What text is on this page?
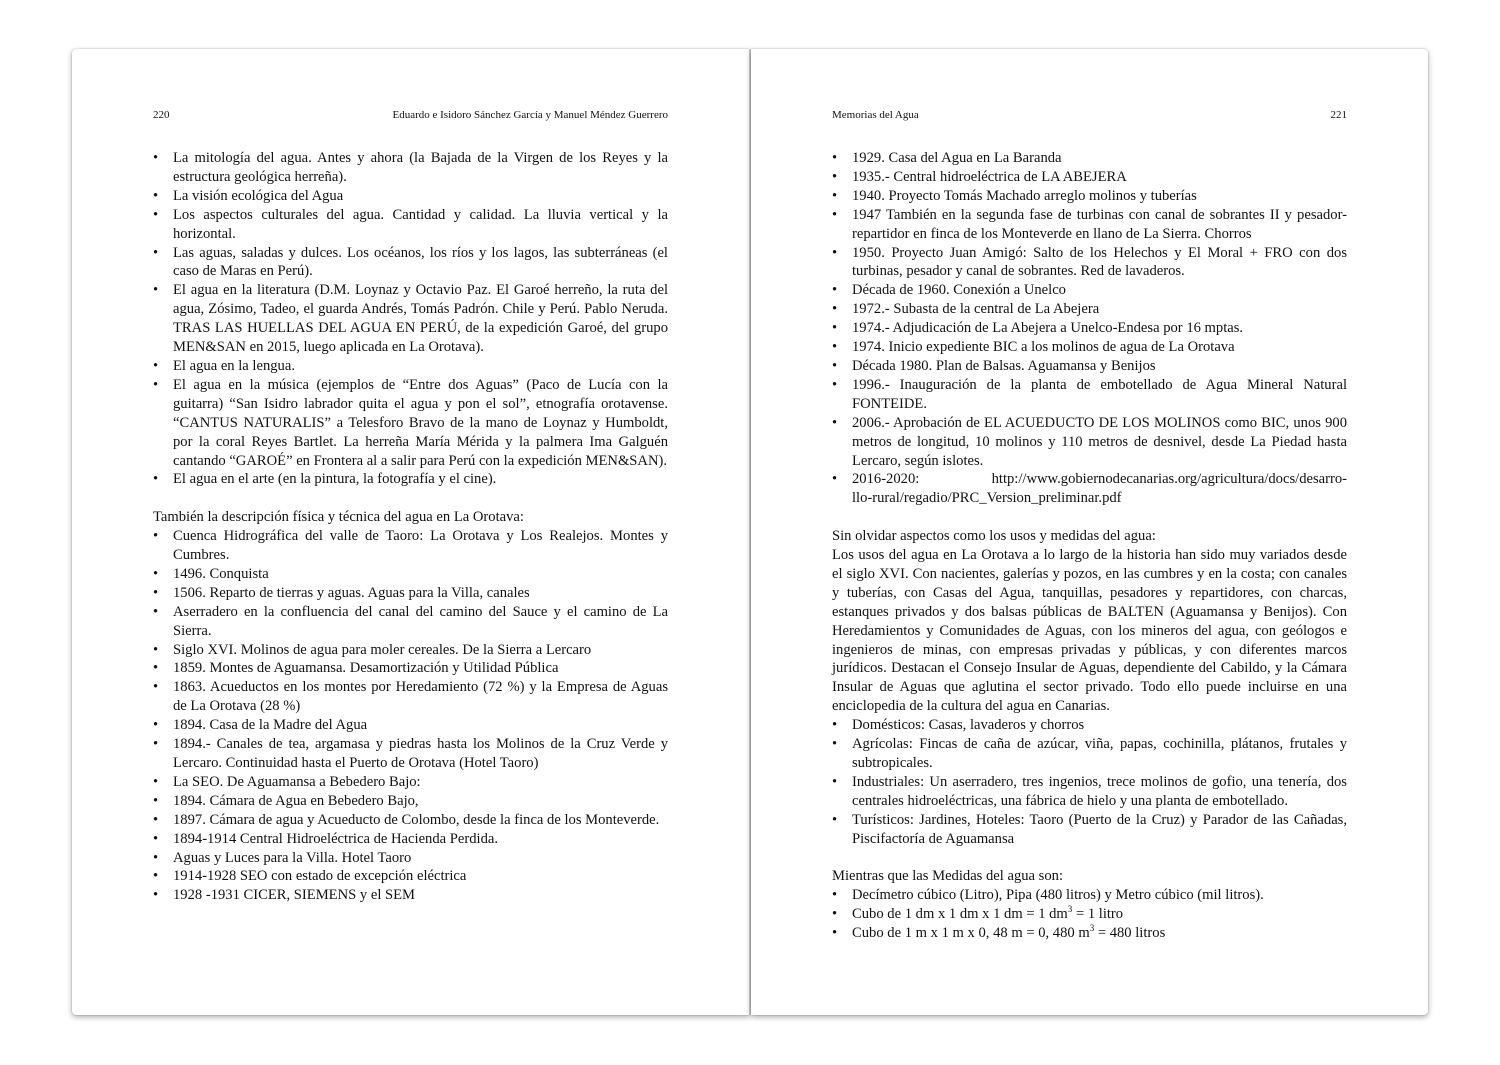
220	Eduardo e Isidoro Sánchez García y Manuel Méndez Guerrero
• La mitología del agua. Antes y ahora (la Bajada de la Virgen de los Reyes y la estructura geológica herreña).
• La visión ecológica del Agua
• Los aspectos culturales del agua. Cantidad y calidad. La lluvia vertical y la horizontal.
• Las aguas, saladas y dulces. Los océanos, los ríos y los lagos, las subterráneas (el caso de Maras en Perú).
• El agua en la literatura (D.M. Loynaz y Octavio Paz. El Garoé herreño, la ruta del agua, Zósimo, Tadeo, el guarda Andrés, Tomás Padrón. Chile y Perú. Pablo Neruda. TRAS LAS HUELLAS DEL AGUA EN PERÚ, de la expedición Garoé, del grupo MEN&SAN en 2015, luego aplicada en La Orotava).
• El agua en la lengua.
• El agua en la música (ejemplos de “Entre dos Aguas” (Paco de Lucía con la guitarra) “San Isidro labrador quita el agua y pon el sol”, etnografía orotavense. “CANTUS NATURALIS” a Telesforo Bravo de la mano de Loynaz y Humboldt, por la coral Reyes Bartlet. La herreña María Mérida y la palmera Ima Galguén cantando “GAROÉ” en Frontera al a salir para Perú con la expedición MEN&SAN).
• El agua en el arte (en la pintura, la fotografía y el cine).

También la descripción física y técnica del agua en La Orotava:

• Cuenca Hidrográfica del valle de Taoro: La Orotava y Los Realejos. Montes y Cumbres.
• 1496. Conquista
• 1506. Reparto de tierras y aguas. Aguas para la Villa, canales
• Aserradero en la confluencia del canal del camino del Sauce y el camino de La Sierra.
• Siglo XVI. Molinos de agua para moler cereales. De la Sierra a Lercaro
• 1859. Montes de Aguamansa. Desamortización y Utilidad Pública
• 1863. Acueductos en los montes por Heredamiento (72 %) y la Empresa de Aguas de La Orotava (28 %)
• 1894. Casa de la Madre del Agua
• 1894.- Canales de tea, argamasa y piedras hasta los Molinos de la Cruz Verde y Lercaro. Continuidad hasta el Puerto de Orotava (Hotel Taoro)
• La SEO. De Aguamansa a Bebedero Bajo:
• 1894. Cámara de Agua en Bebedero Bajo,
• 1897. Cámara de agua y Acueducto de Colombo, desde la finca de los Monteverde.
• 1894-1914 Central Hidroeléctrica de Hacienda Perdida.
• Aguas y Luces para la Villa. Hotel Taoro
• 1914-1928 SEO con estado de excepción eléctrica
• 1928 -1931 CICER, SIEMENS y el SEM
Memorias del Agua	221
• 1929. Casa del Agua en La Baranda
• 1935.- Central hidroeléctrica de LA ABEJERA
• 1940. Proyecto Tomás Machado arreglo molinos y tuberías
• 1947 También en la segunda fase de turbinas con canal de sobrantes II y pesador-repartidor en finca de los Monteverde en llano de La Sierra. Chorros
• 1950. Proyecto Juan Amigó: Salto de los Helechos y El Moral + FRO con dos turbinas, pesador y canal de sobrantes. Red de lavaderos.
• Década de 1960. Conexión a Unelco
• 1972.- Subasta de la central de La Abejera
• 1974.- Adjudicación de La Abejera a Unelco-Endesa por 16 mptas.
• 1974. Inicio expediente BIC a los molinos de agua de La Orotava
• Década 1980. Plan de Balsas. Aguamansa y Benijos
• 1996.- Inauguración de la planta de embotellado de Agua Mineral Natural FONTEIDE.
• 2006.- Aprobación de EL ACUEDUCTO DE LOS MOLINOS como BIC, unos 900 metros de longitud, 10 molinos y 110 metros de desnivel, desde La Piedad hasta Lercaro, según islotes.
• 2016-2020:	http://www.gobiernodecanarias.org/agricultura/docs/desarro-
llo-rural/regadio/PRC_Version_preliminar.pdf

Sin olvidar aspectos como los usos y medidas del agua:

Los usos del agua en La Orotava a lo largo de la historia han sido muy variados desde el siglo XVI. Con nacientes, galerías y pozos, en las cumbres y en la costa; con canales y tuberías, con Casas del Agua, tanquillas, pesadores y repartidores, con charcas, estanques privados y dos balsas públicas de BALTEN (Aguamansa y Benijos). Con Heredamientos y Comunidades de Aguas, con los mineros del agua, con geólogos e ingenieros de minas, con empresas privadas y públicas, y con diferentes marcos jurídicos. Destacan el Consejo Insular de Aguas, dependiente del Cabildo, y la Cámara Insular de Aguas que aglutina el sector privado. Todo ello puede incluirse en una enciclopedia de la cultura del agua en Canarias.

• Domésticos: Casas, lavaderos y chorros
• Agrícolas: Fincas de caña de azúcar, viña, papas, cochinilla, plátanos, frutales y subtropicales.
• Industriales: Un aserradero, tres ingenios, trece molinos de gofio, una tenería, dos centrales hidroeléctricas, una fábrica de hielo y una planta de embotellado.
• Turísticos: Jardines, Hoteles: Taoro (Puerto de la Cruz) y Parador de las Cañadas, Piscifactoría de Aguamansa

Mientras que las Medidas del agua son:

• Decímetro cúbico (Litro), Pipa (480 litros) y Metro cúbico (mil litros).
• Cubo de 1 dm x 1 dm x 1 dm = 1 $dm^3 = 1$ litro
• Cubo de 1 m x 1 m x 0, 48 m = 0, 480 $m^3 = 480$ litros
